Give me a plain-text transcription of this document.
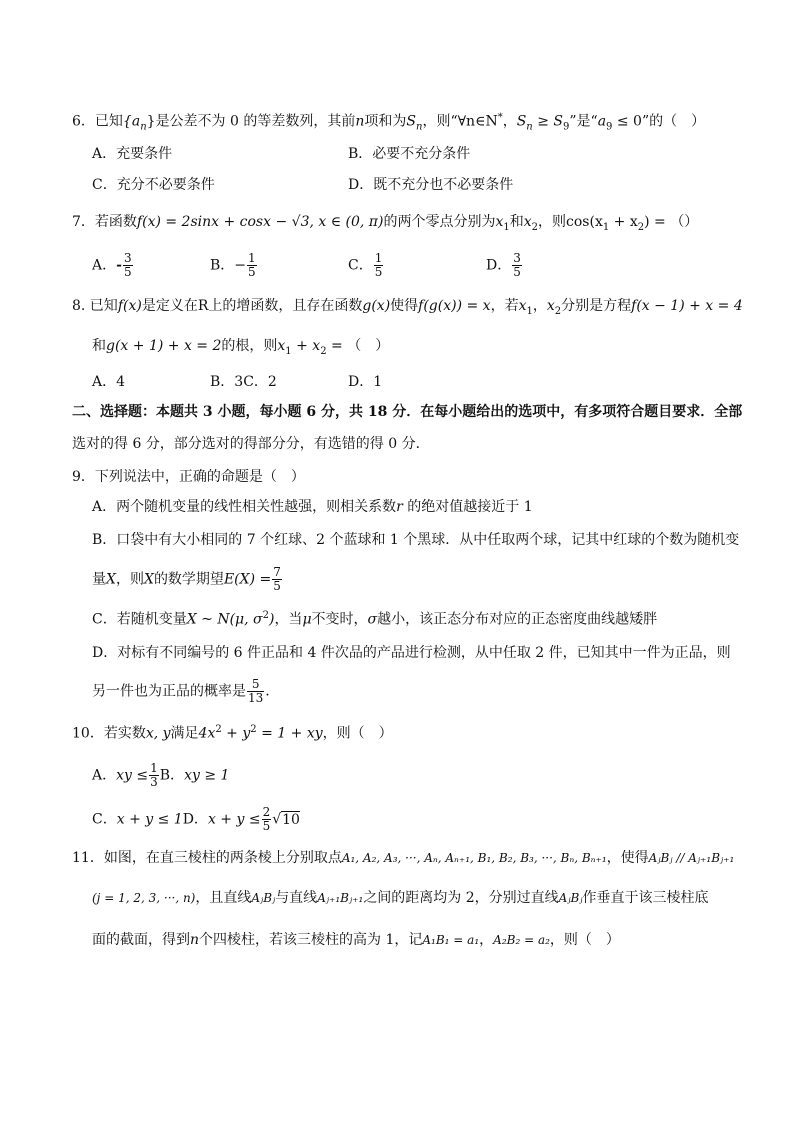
6．已知$\{a_n\}$是公差不为 0 的等差数列，其前n项和为$S_n$，则“∀n∈N*，$S_n \ge S_9$”是“$a_9 \le 0$”的（　）
A．充要条件	B．必要不充分条件
C．充分不必要条件	D．既不充分也不必要条件
7．若函数f(x) = 2sinx + cosx − √3, x ∈ (0, π)的两个零点分别为$x_1$和$x_2$，则$\cos(x_1 + x_2)$ = （）
A．- $\frac{3}{5}$	B．− $\frac{1}{5}$	C． $\frac{1}{5}$	D． $\frac{3}{5}$
8. 已知f(x)是定义在R上的增函数，且存在函数g(x)使得f(g(x)) = x，若$x_1$，$x_2$分别是方程f(x − 1) + x = 4
和g(x + 1) + x = 2的根，则$x_1 + x_2$ = （　）
A．4	B．3C．2	D．1
二、选择题：本题共 3 小题，每小题 6 分，共 18 分．在每小题给出的选项中，有多项符合题目要求．全部
选对的得 6 分，部分选对的得部分分，有选错的得 0 分．
9．下列说法中，正确的命题是（　）
A．两个随机变量的线性相关性越强，则相关系数r 的绝对值越接近于 1
B．口袋中有大小相同的 7 个红球、2 个蓝球和 1 个黑球．从中任取两个球，记其中红球的个数为随机变
量X，则X的数学期望$E(X) = \frac{7}{5}$
C．若随机变量X ~ N(μ, $\sigma^2$)，当μ不变时，σ越小，该正态分布对应的正态密度曲线越矮胖
D．对标有不同编号的 6 件正品和 4 件次品的产品进行检测，从中任取 2 件，已知其中一件为正品，则
另一件也为正品的概率是 $\frac{5}{13}$ .
10．若实数x, y满足$4x^2 + y^2 = 1$ + xy，则（　）
A．xy ≤ $\frac{1}{3}$ B．xy ≥ 1
C．x + y ≤ 1D．$x + y \le \frac{2}{5} √10$
11．如图，在直三棱柱的两条棱上分别取点A₁, A₂, A₃, ···, Aₙ, Aₙ₊₁, B₁, B₂, B₃, ···, Bₙ, Bₙ₊₁，使得AⱼBⱼ // Aⱼ₊₁Bⱼ₊₁
(j = 1, 2, 3, ···, n)，且直线AⱼBⱼ与直线Aⱼ₊₁Bⱼ₊₁之间的距离均为 2，分别过直线AⱼBⱼ作垂直于该三棱柱底
面的截面，得到n个四棱柱，若该三棱柱的高为 1，记A₁B₁ = a₁，A₂B₂ = a₂，则（　）
